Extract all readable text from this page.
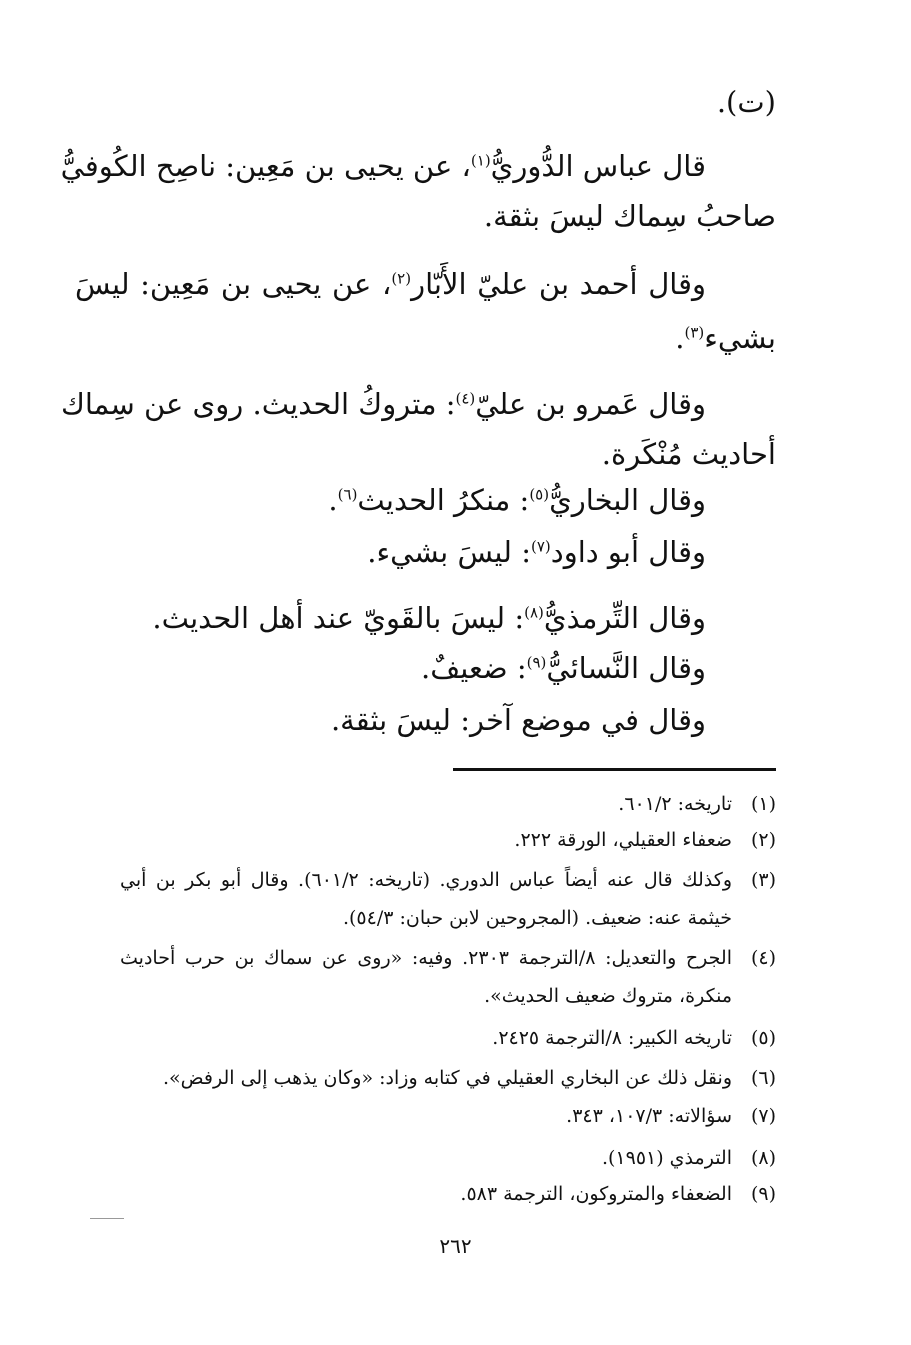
(ت).
قال عباس الدُّوريُّ$^{(١)}$، عن يحيى بن مَعِين: ناصِح الكُوفيُّ
صاحبُ سِماك ليسَ بثقة.
وقال أحمد بن عليّ الأَبّار$^{(٢)}$، عن يحيى بن مَعِين: ليسَ
بشيء$^{(٣)}$.
وقال عَمرو بن عليّ$^{(٤)}$: متروكُ الحديث. روى عن سِماك
أحاديث مُنْكَرة.
وقال البخاريُّ$^{(٥)}$: منكرُ الحديث$^{(٦)}$.
وقال أبو داود$^{(٧)}$: ليسَ بشيء.
وقال التِّرمذيُّ$^{(٨)}$: ليسَ بالقَويّ عند أهل الحديث.
وقال النَّسائيُّ$^{(٩)}$: ضعيفٌ.
وقال في موضع آخر: ليسَ بثقة.
(١)تاريخه: ٦٠١/٢.
(٢)ضعفاء العقيلي، الورقة ٢٢٢.
(٣)وكذلك قال عنه أيضاً عباس الدوري. (تاريخه: ٦٠١/٢). وقال أبو بكر بن أبي
خيثمة عنه: ضعيف. (المجروحين لابن حبان: ٥٤/٣).
(٤)الجرح والتعديل: ٨/الترجمة ٢٣٠٣. وفيه: «روى عن سماك بن حرب أحاديث
منكرة، متروك ضعيف الحديث».
(٥)تاريخه الكبير: ٨/الترجمة ٢٤٢٥.
(٦)ونقل ذلك عن البخاري العقيلي في كتابه وزاد: «وكان يذهب إلى الرفض».
(٧)سؤالاته: ١٠٧/٣، ٣٤٣.
(٨)الترمذي (١٩٥١).
(٩)الضعفاء والمتروكون، الترجمة ٥٨٣.
٢٦٢
